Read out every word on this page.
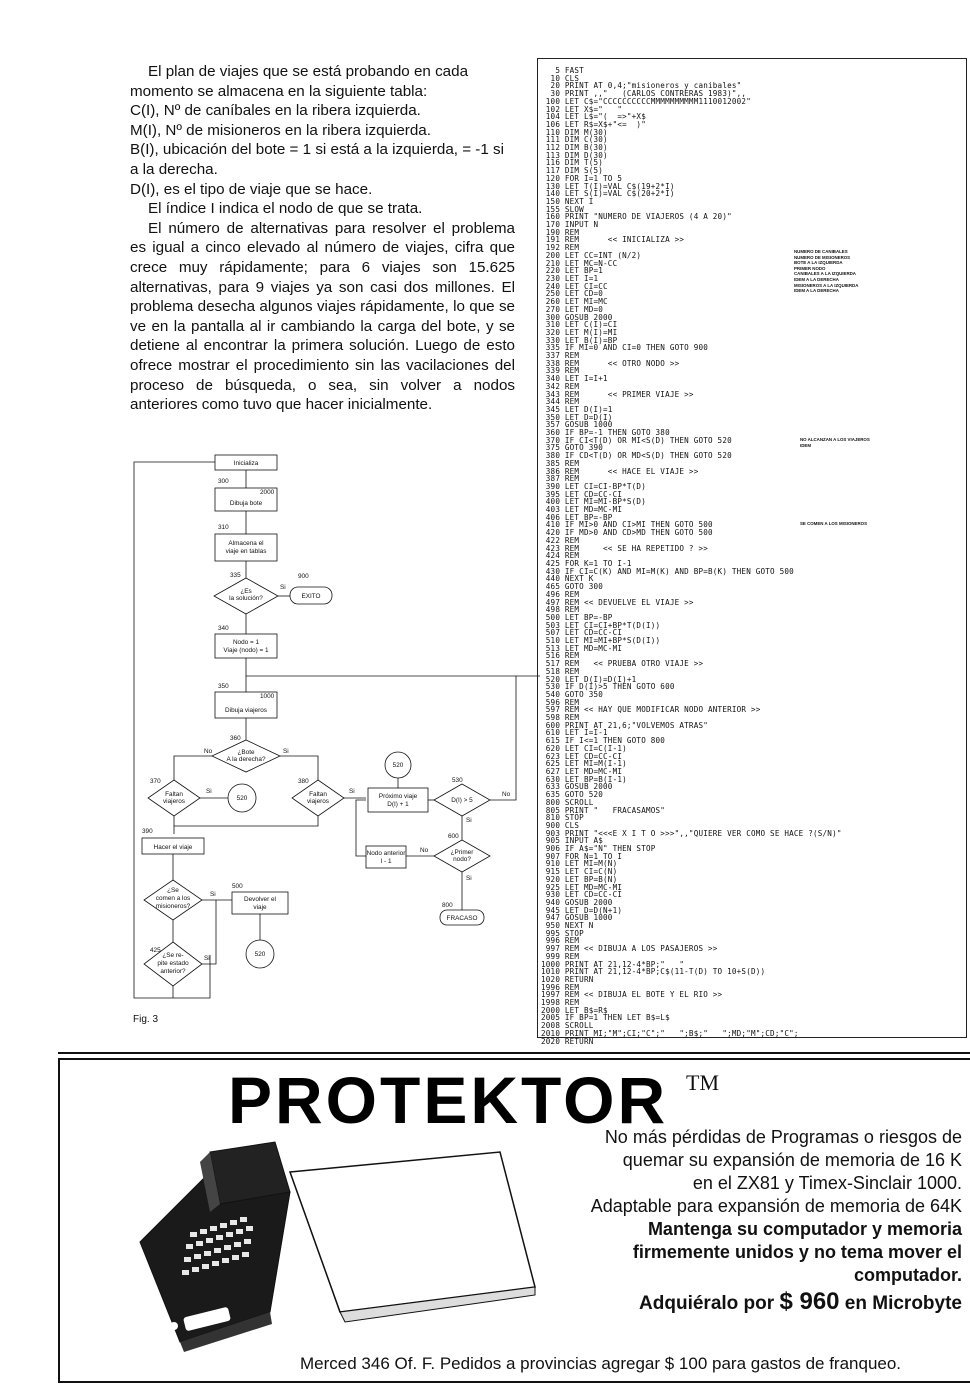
El plan de viajes que se está probando en cada momento se almacena en la siguiente tabla:

C(I), Nº de caníbales en la ribera izquierda.

M(I), Nº de misioneros en la ribera izquierda.

B(I), ubicación del bote = 1 si está a la izquierda, = -1 si a la derecha.

D(I), es el tipo de viaje que se hace.

El índice I indica el nodo de que se trata.

El número de alternativas para resolver el problema es igual a cinco elevado al número de viajes, cifra que crece muy rápidamente; para 6 viajes son 15.625 alternativas, para 9 viajes ya son casi dos millones. El problema desecha algunos viajes rápidamente, lo que se ve en la pantalla al ir cambiando la carga del bote, y se detiene al encontrar la primera solución. Luego de esto ofrece mostrar el procedimiento sin las vacilaciones del proceso de búsqueda, o sea, sin volver a nodos anteriores como tuvo que hacer inicialmente.

Inicializa
300
2000
Dibuja bote
310
Almacena el
viaje en tablas
335
¿Es
la solución?
Si
900
EXITO
340
Nodo = 1
Viaje (nodo) = 1
350
1000
Dibuja viajeros
360
¿Bote
A la derecha?
No	Si
370
Faltan
viajeros
Si
520
380
Faltan
viajeros
Si
520
Próximo viaje
D(I) + 1
530
D(I) > 5
No
Si
600
¿Primer
nodo?
No
Nodo anterior
I - 1
Si
800
FRACASO
390
Hacer el viaje
¿Se
comen a los
misioneros?
Si
500
Devolver el
viaje
520
425
¿Se re-
pite estado
anterior?
Si
Fig. 3
5 FAST
10 CLS
20 PRINT AT 0,4;"misioneros y canibales"
30 PRINT ,,"   (CARLOS CONTRERAS 1983)",,
100 LET C$="CCCCCCCCCCMMMMMMMMMM1110012002"
102 LET X$="   "
104 LET L$="(  =>"+X$
106 LET R$=X$+"<=  )"
110 DIM M(30)
111 DIM C(30)
112 DIM B(30)
113 DIM D(30)
116 DIM T(5)
117 DIM S(5)
120 FOR I=1 TO 5
130 LET T(I)=VAL C$(19+2*I)
140 LET S(I)=VAL C$(20+2*I)
150 NEXT I
155 SLOW
160 PRINT "NUMERO DE VIAJEROS (4 A 20)"
170 INPUT N
190 REM
191 REM      << INICIALIZA >>
192 REM
200 LET CC=INT (N/2)
210 LET MC=N-CC
220 LET BP=1
230 LET I=1
240 LET CI=CC
250 LET CD=0
260 LET MI=MC
270 LET MD=0
300 GOSUB 2000
310 LET C(I)=CI
320 LET M(I)=MI
330 LET B(I)=BP
335 IF MI=0 AND CI=0 THEN GOTO 900
337 REM
338 REM      << OTRO NODO >>
339 REM
340 LET I=I+1
342 REM
343 REM      << PRIMER VIAJE >>
344 REM
345 LET D(I)=1
350 LET D=D(I)
357 GOSUB 1000
360 IF BP=-1 THEN GOTO 380
370 IF CI<T(D) OR MI<S(D) THEN GOTO 520
375 GOTO 390
380 IF CD<T(D) OR MD<S(D) THEN GOTO 520
385 REM
386 REM      << HACE EL VIAJE >>
387 REM
390 LET CI=CI-BP*T(D)
395 LET CD=CC-CI
400 LET MI=MI-BP*S(D)
403 LET MD=MC-MI
406 LET BP=-BP
410 IF MI>0 AND CI>MI THEN GOTO 500
420 IF MD>0 AND CD>MD THEN GOTO 500
422 REM
423 REM     << SE HA REPETIDO ? >>
424 REM
425 FOR K=1 TO I-1
430 IF CI=C(K) AND MI=M(K) AND BP=B(K) THEN GOTO 500
440 NEXT K
465 GOTO 300
496 REM
497 REM << DEVUELVE EL VIAJE >>
498 REM
500 LET BP=-BP
503 LET CI=CI+BP*T(D(I))
507 LET CD=CC-CI
510 LET MI=MI+BP*S(D(I))
513 LET MD=MC-MI
516 REM
517 REM   << PRUEBA OTRO VIAJE >>
518 REM
520 LET D(I)=D(I)+1
530 IF D(I)>5 THEN GOTO 600
540 GOTO 350
596 REM
597 REM << HAY QUE MODIFICAR NODO ANTERIOR >>
598 REM
600 PRINT AT 21,6;"VOLVEMOS ATRAS"
610 LET I=I-1
615 IF I<=1 THEN GOTO 800
620 LET CI=C(I-1)
623 LET CD=CC-CI
625 LET MI=M(I-1)
627 LET MD=MC-MI
630 LET BP=B(I-1)
633 GOSUB 2000
635 GOTO 520
800 SCROLL
805 PRINT "   FRACASAMOS"
810 STOP
900 CLS
903 PRINT "<<<E X I T O >>>",,"QUIERE VER COMO SE HACE ?(S/N)"
905 INPUT A$
906 IF A$="N" THEN STOP
907 FOR N=1 TO I
910 LET MI=M(N)
915 LET CI=C(N)
920 LET BP=B(N)
925 LET MD=MC-MI
930 LET CD=CC-CI
940 GOSUB 2000
945 LET D=D(N+1)
947 GOSUB 1000
950 NEXT N
995 STOP
996 REM
997 REM << DIBUJA A LOS PASAJEROS >>
999 REM
1000 PRINT AT 21,12-4*BP;"   "
1010 PRINT AT 21,12-4*BP;C$(11-T(D) TO 10+S(D))
1020 RETURN
1996 REM
1997 REM << DIBUJA EL BOTE Y EL RIO >>
1998 REM
2000 LET B$=R$
2005 IF BP=1 THEN LET B$=L$
2008 SCROLL
2010 PRINT MI;"M";CI;"C";"   ";B$;"   ";MD;"M";CD;"C";
2020 RETURN
NUMERO DE CANIBALES
NUMERO DE MISIONEROS
BOTE A LA IZQUIERDA
PRIMER NODO
CANIBALES A LA IZQUIERDA
IDEM A LA DERECHA
MISIONEROS A LA IZQUIERDA
IDEM A LA DERECHA
NO ALCANZAN A LOS VIAJEROS
IDEM
SE COMEN A LOS MISIONEROS
PROTEKTOR TM
No más pérdidas de Programas o riesgos de
quemar su expansión de memoria de 16 K
en el ZX81 y Timex-Sinclair 1000.
Adaptable para expansión de memoria de 64K
Mantenga su computador y memoria
firmemente unidos y no tema mover el
computador.
Adquiéralo por $ 960 en Microbyte
Merced 346 Of. F. Pedidos a provincias agregar $ 100 para gastos de franqueo.
